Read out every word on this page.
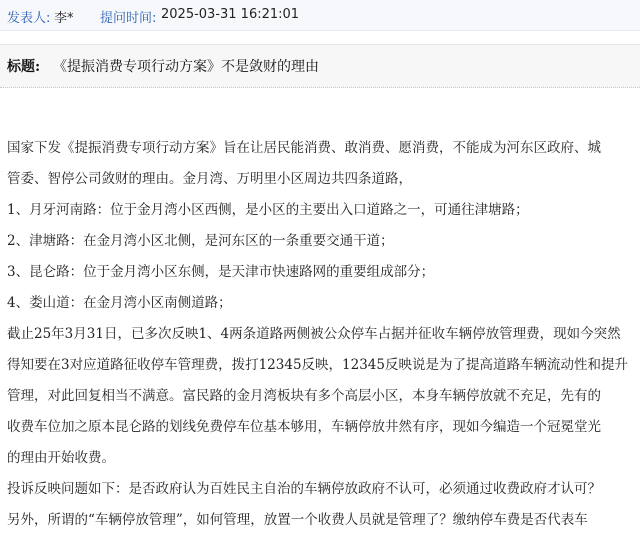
发表人: 李* 提问时间: 2025-03-31 16:21:01
标题: 《提振消费专项行动方案》不是敛财的理由

国家下发《提振消费专项行动方案》旨在让居民能消费、敢消费、愿消费，不能成为河东区政府、城

管委、智停公司敛财的理由。金月湾、万明里小区周边共四条道路，

1、月牙河南路：位于金月湾小区西侧，是小区的主要出入口道路之一，可通往津塘路；

2、津塘路：在金月湾小区北侧，是河东区的一条重要交通干道；

3、昆仑路：位于金月湾小区东侧，是天津市快速路网的重要组成部分；

4、娄山道：在金月湾小区南侧道路；

截止25年3月31日，已多次反映1、4两条道路两侧被公众停车占据并征收车辆停放管理费，现如今突然

得知要在3对应道路征收停车管理费，拨打12345反映，12345反映说是为了提高道路车辆流动性和提升

管理，对此回复相当不满意。富民路的金月湾板块有多个高层小区，本身车辆停放就不充足，先有的

收费车位加之原本昆仑路的划线免费停车位基本够用，车辆停放井然有序，现如今编造一个冠冕堂光

的理由开始收费。

投诉反映问题如下：是否政府认为百姓民主自治的车辆停放政府不认可，必须通过收费政府才认可？

另外，所谓的“车辆停放管理”，如何管理，放置一个收费人员就是管理了？缴纳停车费是否代表车
